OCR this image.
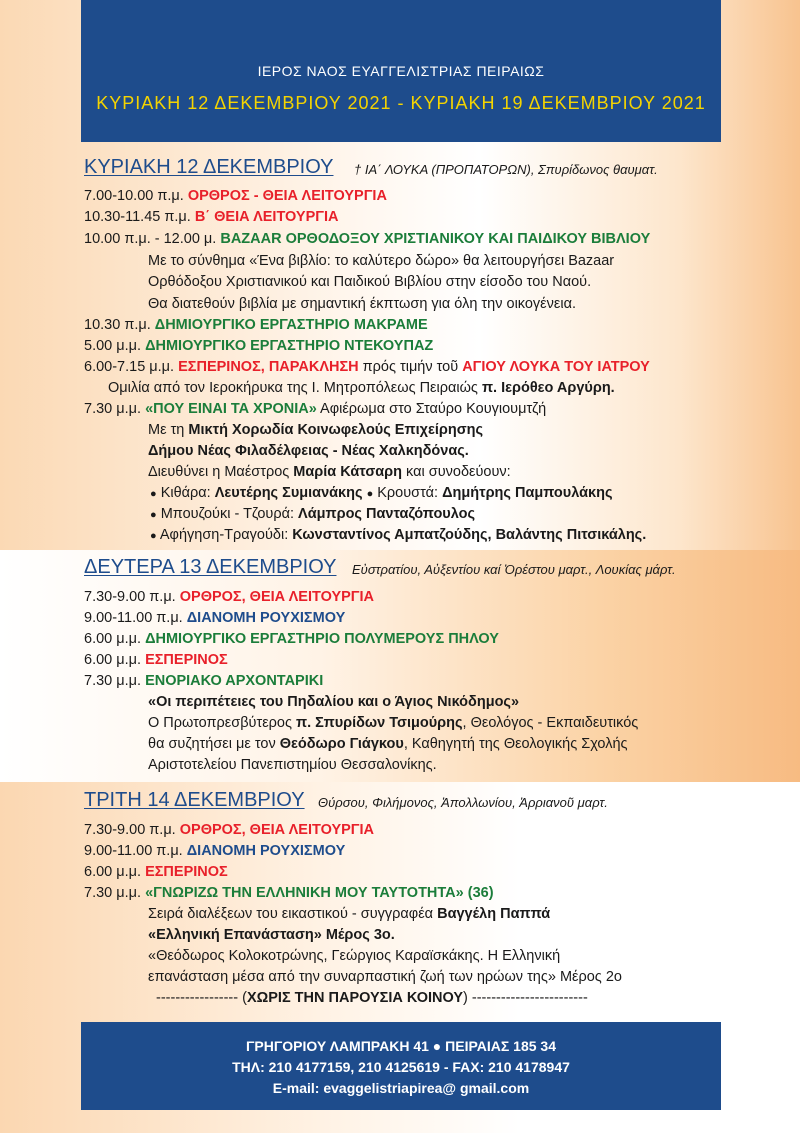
ΙΕΡΟΣ ΝΑΟΣ ΕΥΑΓΓΕΛΙΣΤΡΙΑΣ ΠΕΙΡΑΙΩΣ
ΚΥΡΙΑΚΗ 12 ΔΕΚΕΜΒΡΙΟΥ 2021 - ΚΥΡΙΑΚΗ 19 ΔΕΚΕΜΒΡΙΟΥ 2021
ΚΥΡΙΑΚΗ 12 ΔΕΚΕΜΒΡΙΟΥ † ΙΑ΄ ΛΟΥΚΑ (ΠΡΟΠΑΤΟΡΩΝ), Σπυρίδωνος θαυματ.
7.00-10.00 π.μ. ΟΡΘΡΟΣ - ΘΕΙΑ ΛΕΙΤΟΥΡΓΙΑ
10.30-11.45 π.μ. Β΄ ΘΕΙΑ ΛΕΙΤΟΥΡΓΙΑ
10.00 π.μ. - 12.00 μ. BAZAAR ΟΡΘΟΔΟΞΟΥ ΧΡΙΣΤΙΑΝΙΚΟΥ ΚΑΙ ΠΑΙΔΙΚΟΥ ΒΙΒΛΙΟΥ
Με το σύνθημα «Ένα βιβλίο: το καλύτερο δώρο» θα λειτουργήσει Bazaar
Ορθόδοξου Χριστιανικού και Παιδικού Βιβλίου στην είσοδο του Ναού.
Θα διατεθούν βιβλία με σημαντική έκπτωση για όλη την οικογένεια.
10.30 π.μ. ΔΗΜΙΟΥΡΓΙΚΟ ΕΡΓΑΣΤΗΡΙΟ ΜΑΚΡΑΜΕ
5.00 μ.μ. ΔΗΜΙΟΥΡΓΙΚΟ ΕΡΓΑΣΤΗΡΙΟ ΝΤΕΚΟΥΠΑΖ
6.00-7.15 μ.μ. ΕΣΠΕΡΙΝΟΣ, ΠΑΡΑΚΛΗΣΗ πρός τιμήν τοῦ ΑΓΙΟΥ ΛΟΥΚΑ ΤΟΥ ΙΑΤΡΟΥ
Ομιλία από τον Ιεροκήρυκα της Ι. Μητροπόλεως Πειραιώς π. Ιερόθεο Αργύρη.
7.30 μ.μ. «ΠΟΥ ΕΙΝΑΙ ΤΑ ΧΡΟΝΙΑ» Αφιέρωμα στο Σταύρο Κουγιουμτζή
Με τη Μικτή Χορωδία Κοινωφελούς Επιχείρησης
Δήμου Νέας Φιλαδέλφειας - Νέας Χαλκηδόνας.
Διευθύνει η Μαέστρος Μαρία Κάτσαρη και συνοδεύουν:
● Κιθάρα: Λευτέρης Συμιανάκης ● Κρουστά: Δημήτρης Παμπουλάκης
● Μπουζούκι - Τζουρά: Λάμπρος Πανταζόπουλος
● Αφήγηση-Τραγούδι: Κωνσταντίνος Αμπατζούδης, Βαλάντης Πιτσικάλης.
ΔΕΥΤΕΡΑ 13 ΔΕΚΕΜΒΡΙΟΥ Εὐστρατίου, Αὐξεντίου καί Ὀρέστου μαρτ., Λουκίας μάρτ.
7.30-9.00 π.μ. ΟΡΘΡΟΣ, ΘΕΙΑ ΛΕΙΤΟΥΡΓΙΑ
9.00-11.00 π.μ. ΔΙΑΝΟΜΗ ΡΟΥΧΙΣΜΟΥ
6.00 μ.μ. ΔΗΜΙΟΥΡΓΙΚΟ ΕΡΓΑΣΤΗΡΙΟ ΠΟΛΥΜΕΡΟΥΣ ΠΗΛΟΥ
6.00 μ.μ. ΕΣΠΕΡΙΝΟΣ
7.30 μ.μ. ΕΝΟΡΙΑΚΟ ΑΡΧΟΝΤΑΡΙΚΙ
«Οι περιπέτειες του Πηδαλίου και ο Άγιος Νικόδημος»
Ο Πρωτοπρεσβύτερος π. Σπυρίδων Τσιμούρης, Θεολόγος - Εκπαιδευτικός
θα συζητήσει με τον Θεόδωρο Γιάγκου, Καθηγητή της Θεολογικής Σχολής
Αριστοτελείου Πανεπιστημίου Θεσσαλονίκης.
ΤΡΙΤΗ 14 ΔΕΚΕΜΒΡΙΟΥ Θύρσου, Φιλήμονος, Ἀπολλωνίου, Ἀρριανοῦ μαρτ.
7.30-9.00 π.μ. ΟΡΘΡΟΣ, ΘΕΙΑ ΛΕΙΤΟΥΡΓΙΑ
9.00-11.00 π.μ. ΔΙΑΝΟΜΗ ΡΟΥΧΙΣΜΟΥ
6.00 μ.μ. ΕΣΠΕΡΙΝΟΣ
7.30 μ.μ. «ΓΝΩΡΙΖΩ ΤΗΝ ΕΛΛΗΝΙΚΗ ΜΟΥ ΤΑΥΤΟΤΗΤΑ» (36)
Σειρά διαλέξεων του εικαστικού - συγγραφέα Βαγγέλη Παππά
«Ελληνική Επανάσταση» Μέρος 3ο.
«Θεόδωρος Κολοκοτρώνης, Γεώργιος Καραϊσκάκης. Η Ελληνική
επανάσταση μέσα από την συναρπαστική ζωή των ηρώων της» Μέρος 2ο
----------------- (ΧΩΡΙΣ ΤΗΝ ΠΑΡΟΥΣΙΑ ΚΟΙΝΟΥ) ------------------------
ΓΡΗΓΟΡΙΟΥ ΛΑΜΠΡΑΚΗ 41 ● ΠΕΙΡΑΙΑΣ 185 34
ΤΗΛ: 210 4177159, 210 4125619 - FAX: 210 4178947
E-mail: evaggelistriapirea@ gmail.com
